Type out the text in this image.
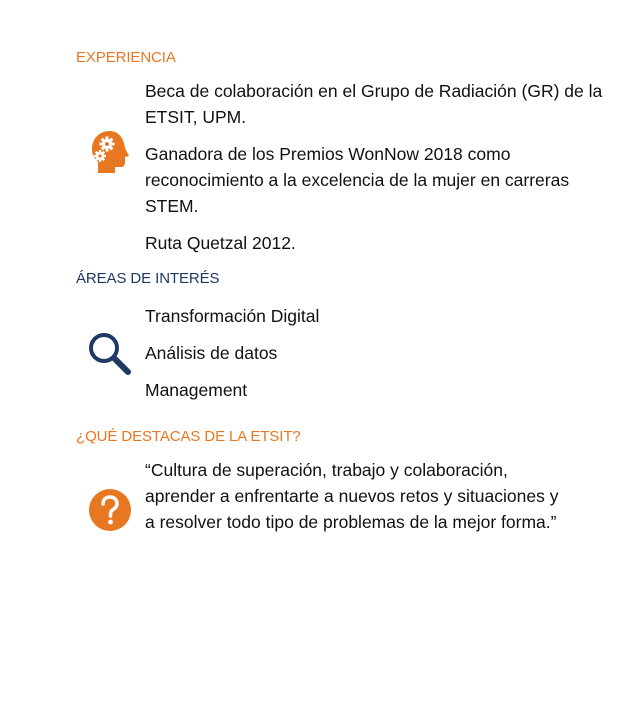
EXPERIENCIA

Beca de colaboración en el Grupo de Radiación (GR) de la ETSIT, UPM.

Ganadora de los Premios WonNow 2018 como reconocimiento a la excelencia de la mujer en carreras STEM.

Ruta Quetzal 2012.

ÁREAS DE INTERÉS

Transformación Digital

Análisis de datos

Management

¿QUÉ DESTACAS DE LA ETSIT?

“Cultura de superación, trabajo y colaboración, aprender a enfrentarte a nuevos retos y situaciones y a resolver todo tipo de problemas de la mejor forma.”
